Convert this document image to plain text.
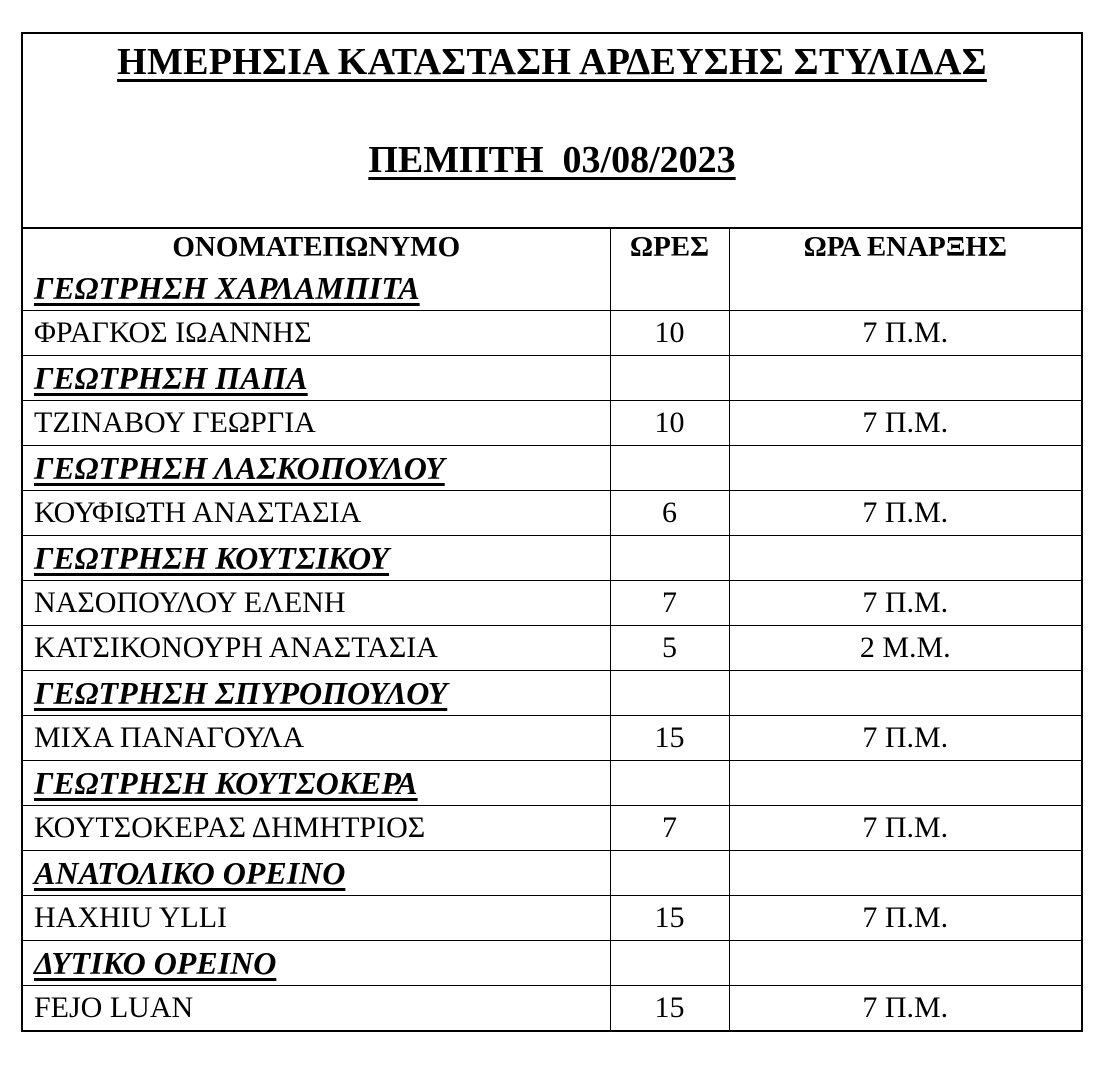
ΗΜΕΡΗΣΙΑ ΚΑΤΑΣΤΑΣΗ ΑΡΔΕΥΣΗΣ ΣΤΥΛΙΔΑΣ
ΠΕΜΠΤΗ  03/08/2023
ΟΝΟΜΑΤΕΠΩΝΥΜΟ	ΩΡΕΣ	ΩΡΑ ΕΝΑΡΞΗΣ
ΓΕΩΤΡΗΣΗ ΧΑΡΛΑΜΠΙΤΑ		
ΦΡΑΓΚΟΣ ΙΩΑΝΝΗΣ	10	7 Π.Μ.
ΓΕΩΤΡΗΣΗ ΠΑΠΑ		
ΤΖΙΝΑΒΟΥ ΓΕΩΡΓΙΑ	10	7 Π.Μ.
ΓΕΩΤΡΗΣΗ ΛΑΣΚΟΠΟΥΛΟΥ		
ΚΟΥΦΙΩΤΗ ΑΝΑΣΤΑΣΙΑ	6	7 Π.Μ.
ΓΕΩΤΡΗΣΗ ΚΟΥΤΣΙΚΟΥ		
ΝΑΣΟΠΟΥΛΟΥ ΕΛΕΝΗ	7	7 Π.Μ.
ΚΑΤΣΙΚΟΝΟΥΡΗ ΑΝΑΣΤΑΣΙΑ	5	2 Μ.Μ.
ΓΕΩΤΡΗΣΗ ΣΠΥΡΟΠΟΥΛΟΥ		
ΜΙΧΑ ΠΑΝΑΓΟΥΛΑ	15	7 Π.Μ.
ΓΕΩΤΡΗΣΗ ΚΟΥΤΣΟΚΕΡΑ		
ΚΟΥΤΣΟΚΕΡΑΣ ΔΗΜΗΤΡΙΟΣ	7	7 Π.Μ.
ΑΝΑΤΟΛΙΚΟ ΟΡΕΙΝΟ		
HAXHIU YLLI	15	7 Π.Μ.
ΔΥΤΙΚΟ ΟΡΕΙΝΟ		
FEJO LUAN	15	7 Π.Μ.
